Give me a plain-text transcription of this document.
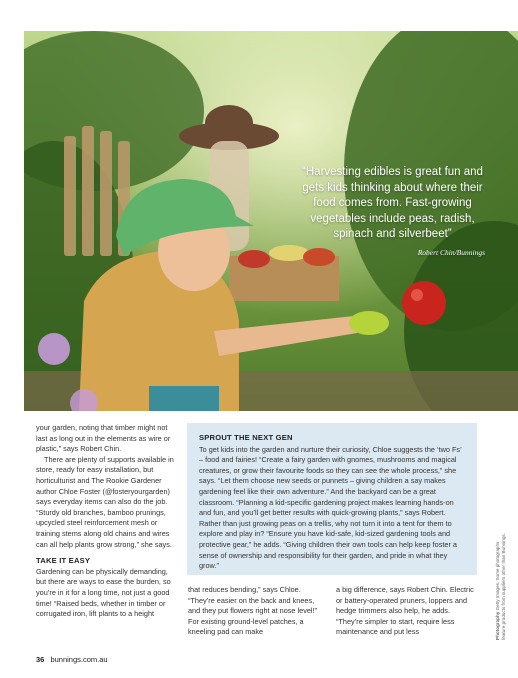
“Harvesting edibles is great fun and gets kids thinking about where their food comes from. Fast-growing vegetables include peas, radish, spinach and silverbeet”
Robert Chin/Bunnings

your garden, noting that timber might not last as long out in the elements as wire or plastic,” says Robert Chin.

There are plenty of supports available in store, ready for easy installation, but horticulturist and The Rookie Gardener author Chloe Foster (@fosteryourgarden) says everyday items can also do the job. “Sturdy old branches, bamboo prunings, upcycled steel reinforcement mesh or training stems along old chains and wires can all help plants grow strong,” she says.

TAKE IT EASY

Gardening can be physically demanding, but there are ways to ease the burden, so you’re in it for a long time, not just a good time! “Raised beds, whether in timber or corrugated iron, lift plants to a height

SPROUT THE NEXT GEN

To get kids into the garden and nurture their curiosity, Chloe suggests the ‘two Fs’ – food and fairies! “Create a fairy garden with gnomes, mushrooms and magical creatures, or grow their favourite foods so they can see the whole process,” she says. “Let them choose new seeds or punnets – giving children a say makes gardening feel like their own adventure.” And the backyard can be a great classroom. “Planning a kid-specific gardening project makes learning hands-on and fun, and you’ll get better results with quick-growing plants,” says Robert. Rather than just growing peas on a trellis, why not turn it into a tent for them to explore and play in? “Ensure you have kid-safe, kid-sized gardening tools and protective gear,” he adds. “Giving children their own tools can help keep foster a sense of ownership and responsibility for their garden, and pride in what they grow.”

that reduces bending,” says Chloe. “They’re easier on the back and knees, and they put flowers right at nose level!” For existing ground-level patches, a kneeling pad can make

a big difference, says Robert Chin. Electric or battery-operated pruners, loppers and hedge trimmers also help, he adds. “They’re simpler to start, require less maintenance and put less	Photography Getty Images. Some photographs feature products from suppliers other than Bunnings.
36 bunnings.com.au
